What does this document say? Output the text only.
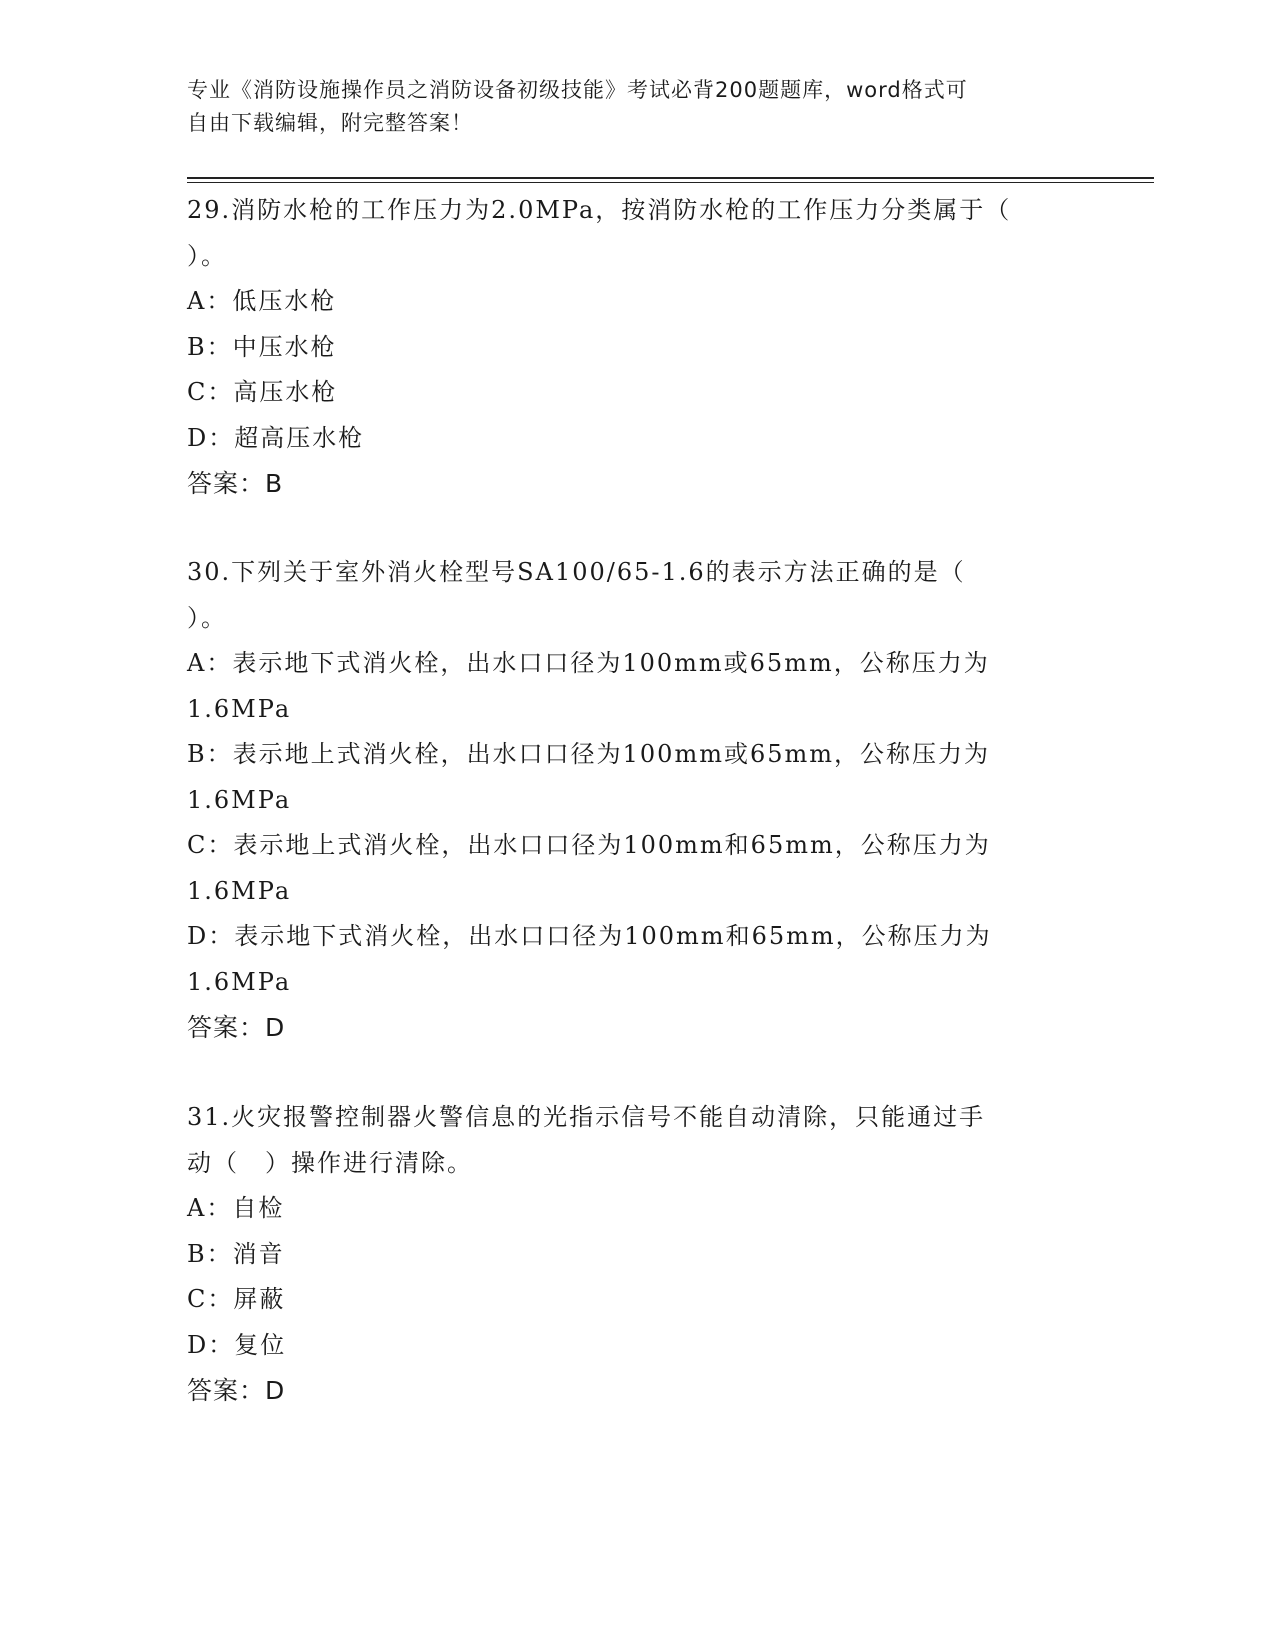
专业《消防设施操作员之消防设备初级技能》考试必背200题题库，word格式可
自由下载编辑，附完整答案！
29.消防水枪的工作压力为2.0MPa，按消防水枪的工作压力分类属于（
）。
A：低压水枪
B：中压水枪
C：高压水枪
D：超高压水枪
答案：B
30.下列关于室外消火栓型号SA100/65-1.6的表示方法正确的是（
）。
A：表示地下式消火栓，出水口口径为100mm或65mm，公称压力为
1.6MPa
B：表示地上式消火栓，出水口口径为100mm或65mm，公称压力为
1.6MPa
C：表示地上式消火栓，出水口口径为100mm和65mm，公称压力为
1.6MPa
D：表示地下式消火栓，出水口口径为100mm和65mm，公称压力为
1.6MPa
答案：D
31.火灾报警控制器火警信息的光指示信号不能自动清除，只能通过手
动（　）操作进行清除。
A：自检
B：消音
C：屏蔽
D：复位
答案：D
